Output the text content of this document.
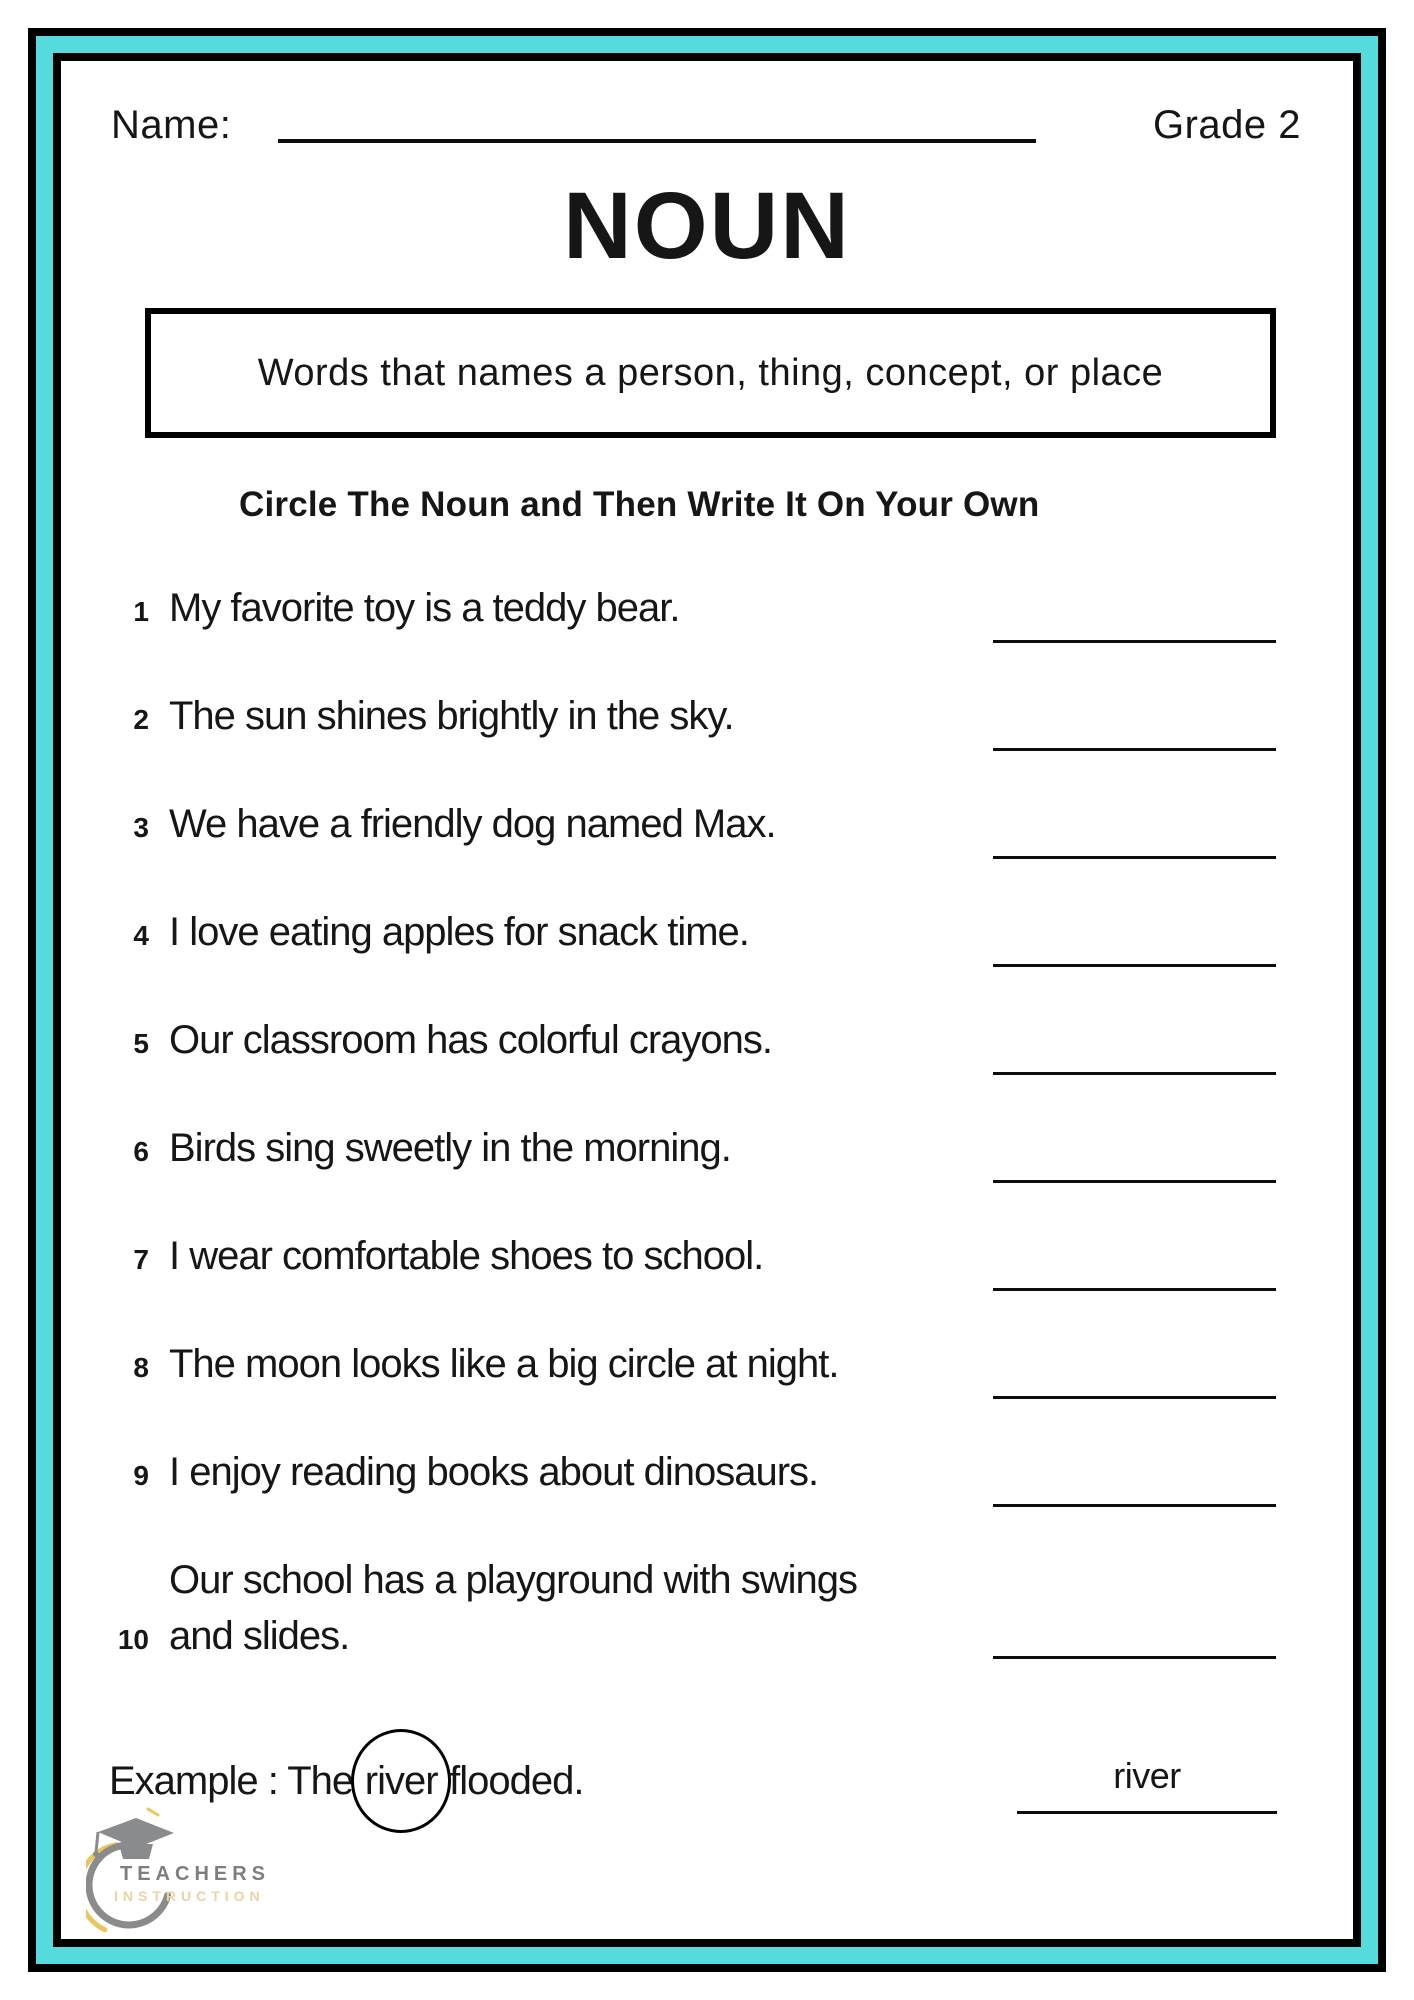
Name:	Grade 2
NOUN
Words that names a person, thing, concept, or place
Circle The Noun and Then Write It On Your Own
1 My favorite toy is a teddy bear.
2 The sun shines brightly in the sky.
3 We have a friendly dog named Max.
4 I love eating apples for snack time.
5 Our classroom has colorful crayons.
6 Birds sing sweetly in the morning.
7 I wear comfortable shoes to school.
8 The moon looks like a big circle at night.
9 I enjoy reading books about dinosaurs.
10Our school has a playground with swings
and slides.
Example : The river flooded.	river
TEACHERS
INSTRUCTION
